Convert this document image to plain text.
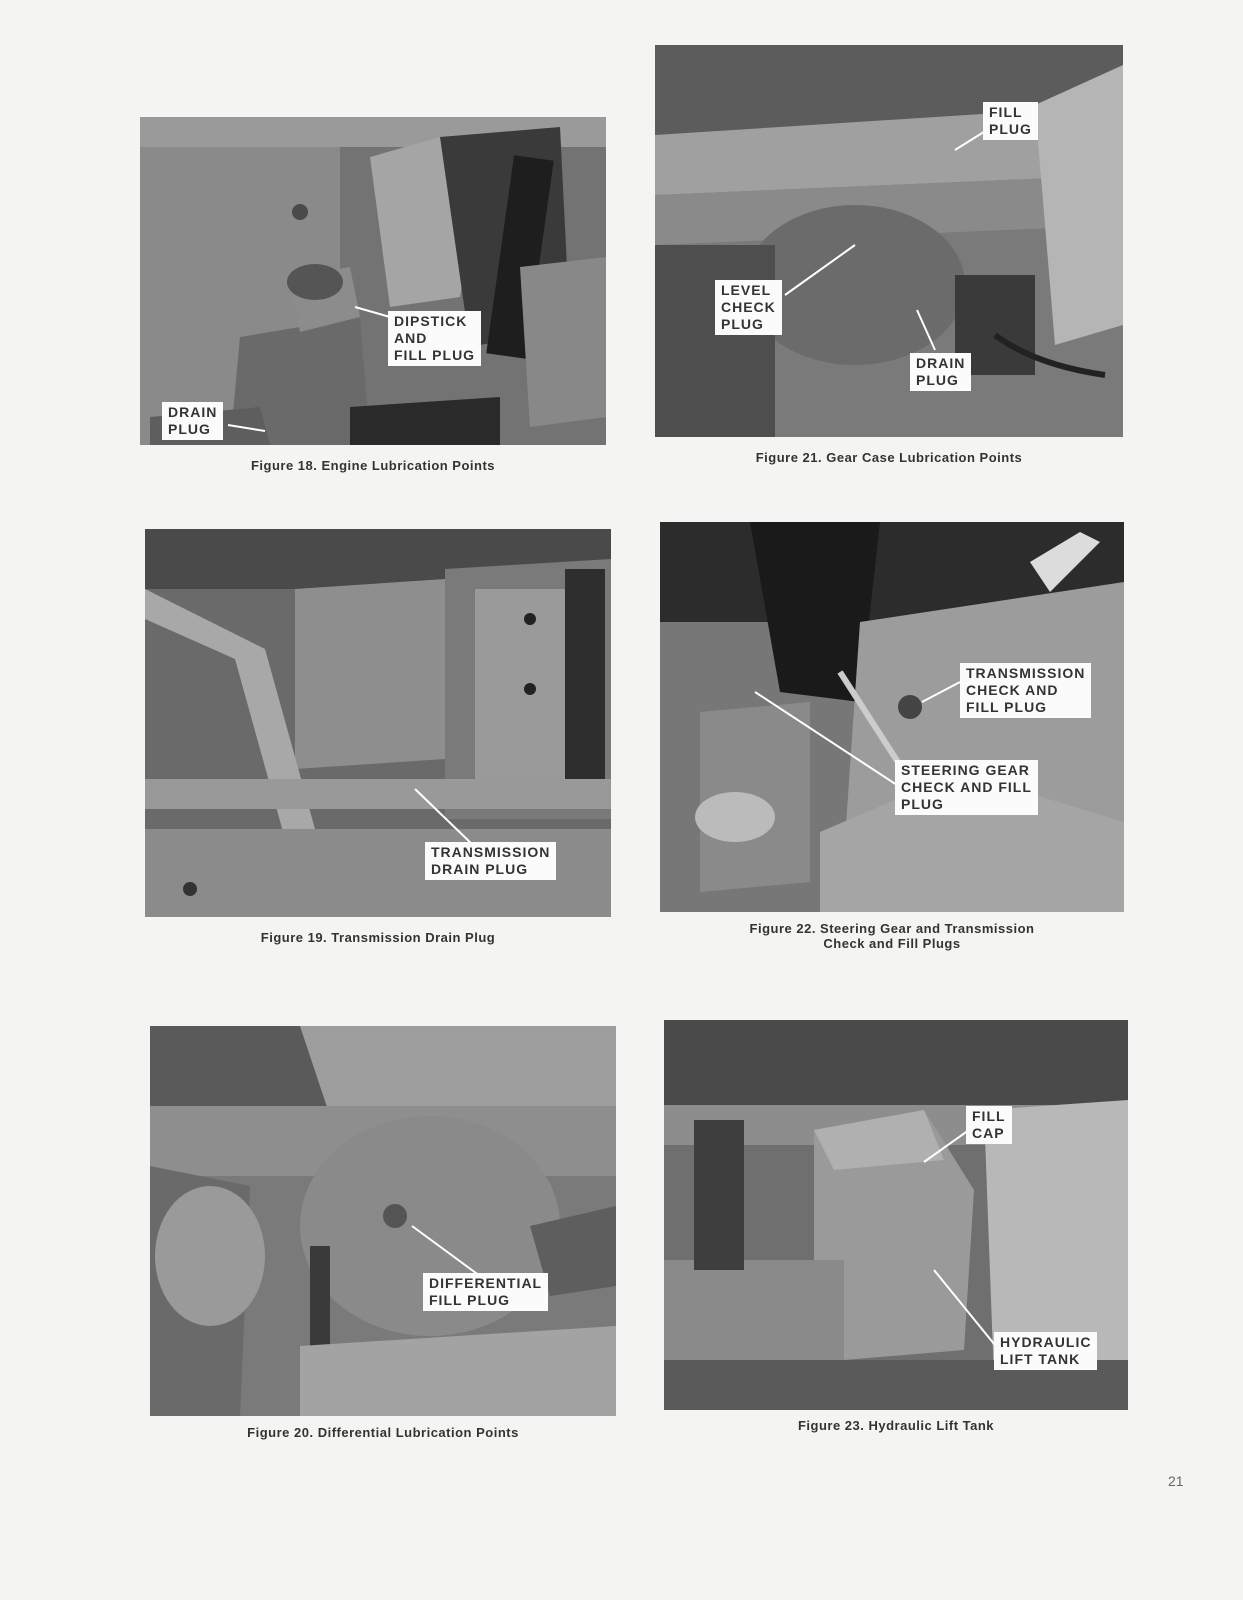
DIPSTICK
AND
FILL PLUG
DRAIN
PLUG
Figure 18. Engine Lubrication Points
FILL
PLUG
LEVEL
CHECK
PLUG
DRAIN
PLUG
Figure 21. Gear Case Lubrication Points
TRANSMISSION
DRAIN PLUG
Figure 19. Transmission Drain Plug
TRANSMISSION
CHECK AND
FILL PLUG
STEERING GEAR
CHECK AND FILL
PLUG
Figure 22. Steering Gear and Transmission
Check and Fill Plugs
DIFFERENTIAL
FILL PLUG
Figure 20. Differential Lubrication Points
FILL
CAP
HYDRAULIC
LIFT TANK
Figure 23. Hydraulic Lift Tank
21
